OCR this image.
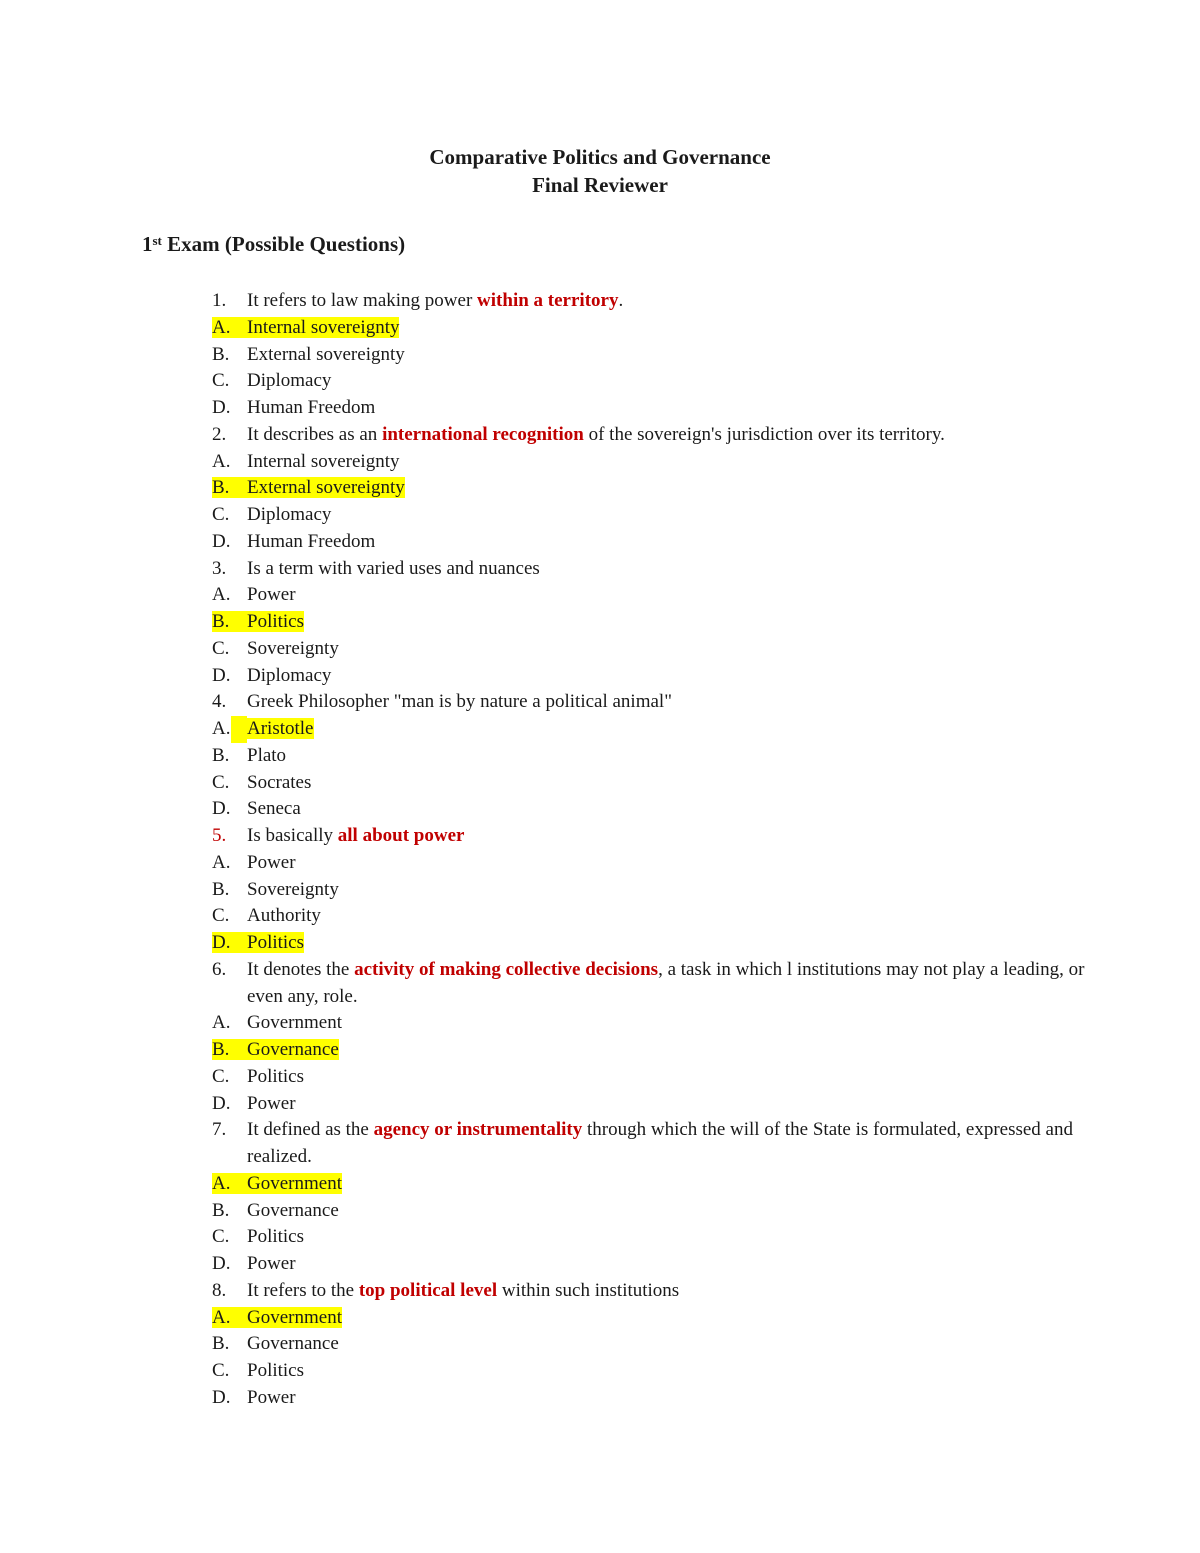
Comparative Politics and Governance
Final Reviewer
1st Exam (Possible Questions)
1. It refers to law making power within a territory.
A. Internal sovereignty
B. External sovereignty
C. Diplomacy
D. Human Freedom
2. It describes as an international recognition of the sovereign's jurisdiction over its territory.
A. Internal sovereignty
B. External sovereignty
C. Diplomacy
D. Human Freedom
3. Is a term with varied uses and nuances
A. Power
B. Politics
C. Sovereignty
D. Diplomacy
4. Greek Philosopher "man is by nature a political animal"
A. Aristotle
B. Plato
C. Socrates
D. Seneca
5. Is basically all about power
A. Power
B. Sovereignty
C. Authority
D. Politics
6. It denotes the activity of making collective decisions, a task in which l institutions may not play a leading, or even any, role.
A. Government
B. Governance
C. Politics
D. Power
7. It defined as the agency or instrumentality through which the will of the State is formulated, expressed and realized.
A. Government
B. Governance
C. Politics
D. Power
8. It refers to the top political level within such institutions
A. Government
B. Governance
C. Politics
D. Power
